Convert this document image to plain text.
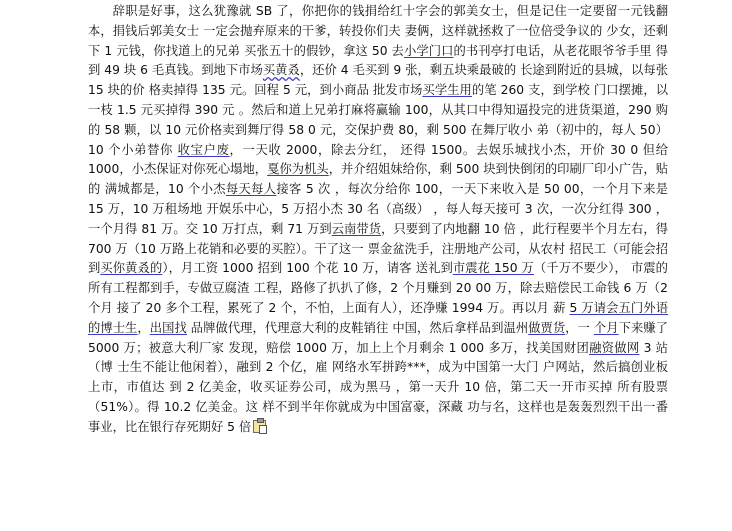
辞职是好事，这么犹豫就 SB 了，你把你的钱捐给红十字会的郭美女士，但是记住一定要留一元钱翻本，捐钱后郭美女士 一定会抛弃原来的干爹，转投你们夫 妻俩，这样就拯救了一位倍受争议的 少女，还剩下 1 元钱，你找道上的兄弟 买张五十的假钞，拿这 50 去小学门口的书刊亭打电话，从老花眼爷爷手里 得到 49 块 6 毛真钱。到地下市场买黄叒，还价 4 毛买到 9 张，剩五块乘最破的 长途到附近的县城，以每张 15 块的价 格卖掉得 135 元。回程 5 元，到小商品 批发市场买学生用的笔 260 支，到学校 门口摆摊，以一枝 1.5 元买掉得 390 元 。然后和道上兄弟打麻将赢输 100，从其口中得知逼投完的进货渠道，290 购的 58 颗，以 10 元价格卖到舞厅得 58 0 元，交保护费 80，剩 500 在舞厅收小 弟（初中的，每人 50）10 个小弟替你 收宝户废，一天收 2000，除去分红， 还得 1500。去娱乐城找小杰，开价 30 0 但给 1000，小杰保证对你死心塌地，戛你为机头，并介绍姐妹给你，剩 500 块到快倒闭的印刷厂印小广告，贴的 满城都是，10 个小杰每天每人接客 5 次 ，每次分给你 100，一天下来收入是 50 00，一个月下来是 15 万，10 万租场地 开娱乐中心，5 万招小杰 30 名（高级） ，每人每天接可 3 次，一次分红得 300 ，一个月得 81 万。交 10 万打点，剩 71 万到云南带货，只要到了内地翻 10 倍 ，此行程要半个月左右，得 700 万（10 万路上花销和必要的买腔）。干了这一 票金盆洗手，注册地产公司，从农村 招民工（可能会招到买你黄叒的），月工资 1000 招到 100 个花 10 万，请客 送礼到市震花 150 万（千万不要少）， 市震的所有工程都到手，专做豆腐渣 工程，路修了扒扒了修，2 个月赚到 20 00 万，除去赔偿民工命钱 6 万（2 个月 接了 20 多个工程，累死了 2 个，不怕，上面有人），还净赚 1994 万。再以月 薪 5 万请会五门外语的博士生，出国找 品牌做代理，代理意大利的皮鞋销往 中国，然后拿样品到温州做贾货，一 个月下来赚了 5000 万；被意大利厂家 发现，赔偿 1000 万，加上上个月剩余 1 000 多万，找美国财团融资做网 3 站（博 士生不能让他闲着），融到 2 个亿，雇 网络水军拼跨***，成为中国第一大门 户网站，然后搞创业板上市，市值达 到 2 亿美金，收买证券公司，成为黑马 ，第一天升 10 倍，第二天一开市买掉 所有股票（51%）。得 10.2 亿美金。这 样不到半年你就成为中国富豪，深藏 功与名，这样也是轰轰烈烈干出一番 事业，比在银行存死期好 5 倍
